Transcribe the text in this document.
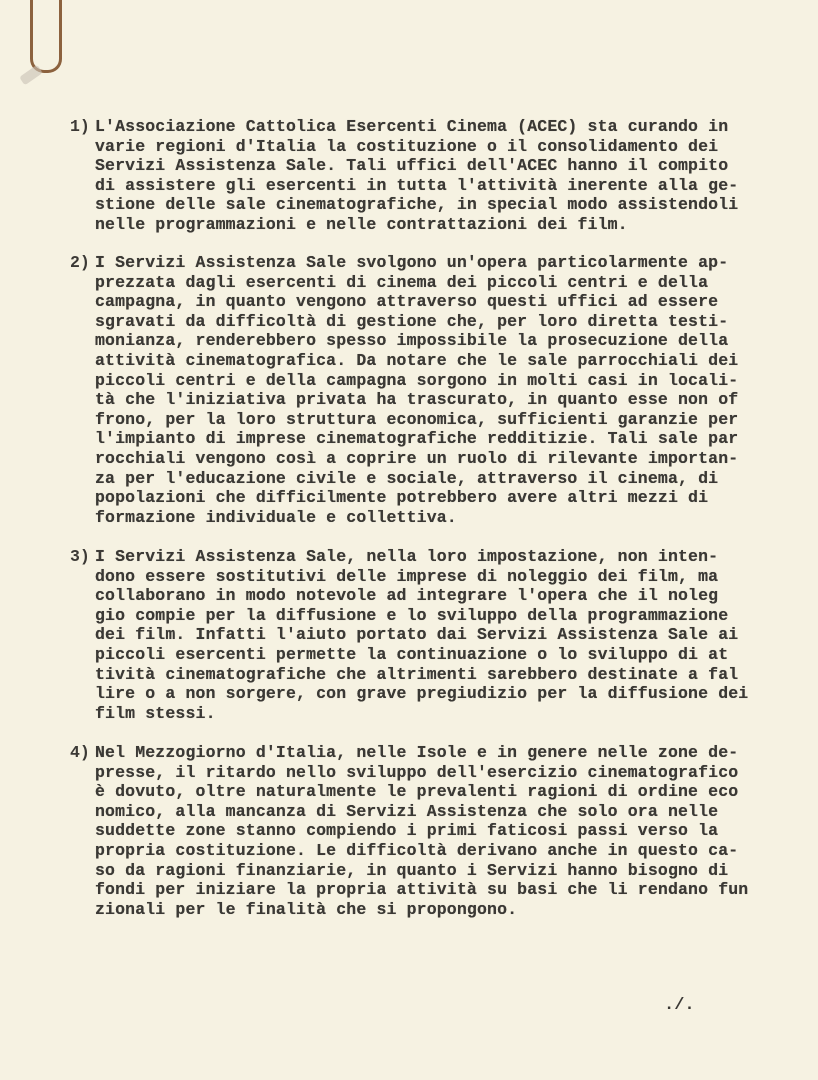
1) L'Associazione Cattolica Esercenti Cinema (ACEC) sta curando in
varie regioni d'Italia la costituzione o il consolidamento dei
Servizi Assistenza Sale. Tali uffici dell'ACEC hanno il compito
di assistere gli esercenti in tutta l'attività inerente alla ge-
stione delle sale cinematografiche, in special modo assistendoli
nelle programmazioni e nelle contrattazioni dei film.
2) I Servizi Assistenza Sale svolgono un'opera particolarmente ap-
prezzata dagli esercenti di cinema dei piccoli centri e della
campagna, in quanto vengono attraverso questi uffici ad essere
sgravati da difficoltà di gestione che, per loro diretta testi-
monianza, renderebbero spesso impossibile la prosecuzione della
attività cinematografica. Da notare che le sale parrocchiali dei
piccoli centri e della campagna sorgono in molti casi in locali-
tà che l'iniziativa privata ha trascurato, in quanto esse non of
frono, per la loro struttura economica, sufficienti garanzie per
l'impianto di imprese cinematografiche redditizie. Tali sale par
rocchiali vengono così a coprire un ruolo di rilevante importan-
za per l'educazione civile e sociale, attraverso il cinema, di
popolazioni che difficilmente potrebbero avere altri mezzi di
formazione individuale e collettiva.
3) I Servizi Assistenza Sale, nella loro impostazione, non inten-
dono essere sostitutivi delle imprese di noleggio dei film, ma
collaborano in modo notevole ad integrare l'opera che il noleg
gio compie per la diffusione e lo sviluppo della programmazione
dei film. Infatti l'aiuto portato dai Servizi Assistenza Sale ai
piccoli esercenti permette la continuazione o lo sviluppo di at
tività cinematografiche che altrimenti sarebbero destinate a fal
lire o a non sorgere, con grave pregiudizio per la diffusione dei
film stessi.
4) Nel Mezzogiorno d'Italia, nelle Isole e in genere nelle zone de-
presse, il ritardo nello sviluppo dell'esercizio cinematografico
è dovuto, oltre naturalmente le prevalenti ragioni di ordine eco
nomico, alla mancanza di Servizi Assistenza che solo ora nelle
suddette zone stanno compiendo i primi faticosi passi verso la
propria costituzione. Le difficoltà derivano anche in questo ca-
so da ragioni finanziarie, in quanto i Servizi hanno bisogno di
fondi per iniziare la propria attività su basi che li rendano fun
zionali per le finalità che si propongono.
./.
